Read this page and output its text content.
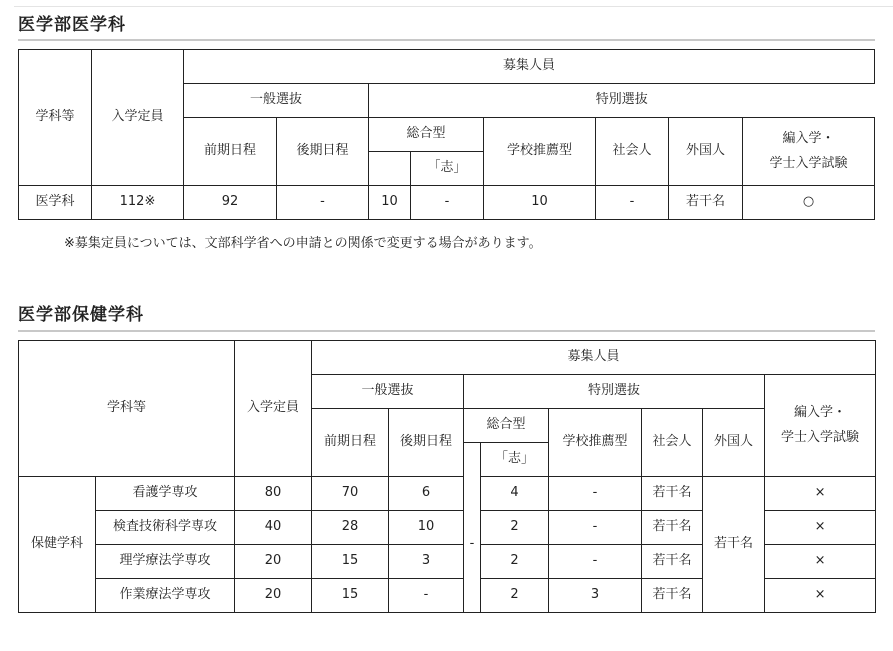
医学部医学科
学科等	入学定員	募集人員							
		一般選抜		特別選抜					
		前期日程	後期日程	総合型		学校推薦型	社会人	外国人	編入学・
学士入学試験

					「志」				
医学科	112※	92	-	10	-	10	-	若干名	○
※募集定員については、文部科学省への申請との関係で変更する場合があります。
医学部保健学科
学科等		入学定員	募集人員							
			一般選抜		特別選抜					編入学・
学士入学試験

			前期日程	後期日程	総合型		学校推薦型	社会人	外国人	
						「志」				
保健学科	看護学専攻	80	70	6	-	4	-	若干名	若干名	×
	検査技術科学専攻	40	28	10		2	-	若干名		×
	理学療法学専攻	20	15	3		2	-	若干名		×
	作業療法学専攻	20	15	-		2	3	若干名		×
